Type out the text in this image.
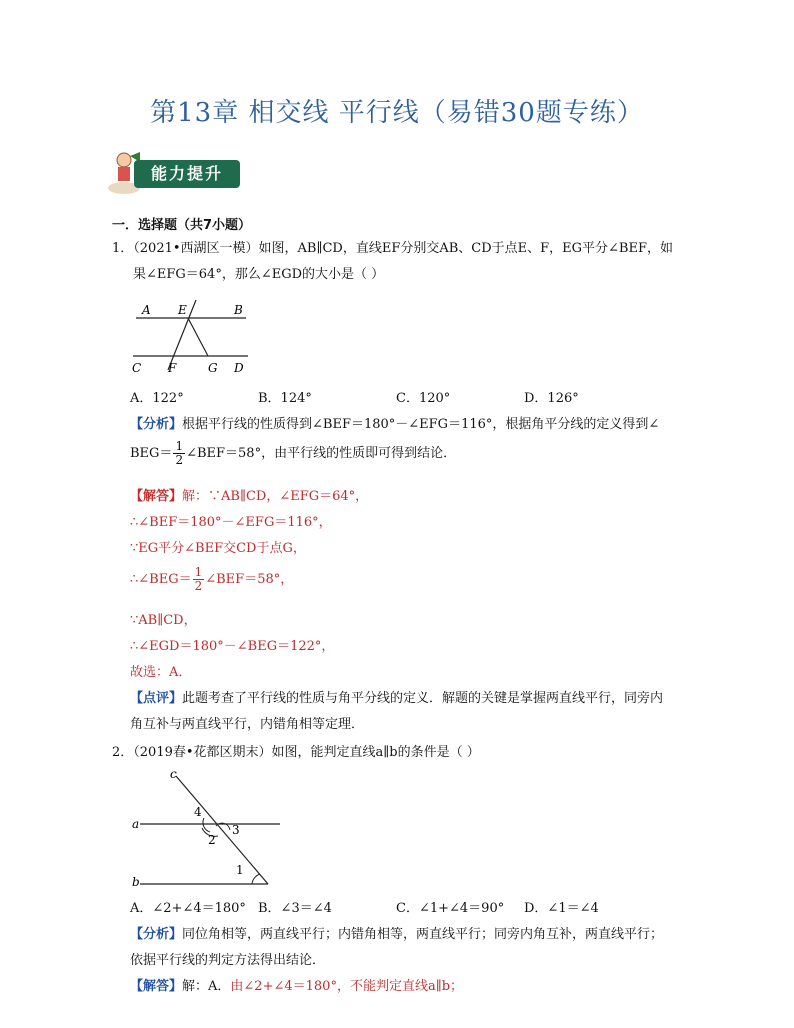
第13章 相交线 平行线（易错30题专练）
能力提升
一．选择题（共7小题）
1．（2021•西湖区一模）如图，AB∥CD，直线EF分别交AB、CD于点E、F，EG平分∠BEF，如
果∠EFG＝64°，那么∠EGD的大小是（ ）
A E	B
C F	G D
A．122°	B．124°	C．120°	D．126°
【分析】根据平行线的性质得到∠BEF＝180°－∠EFG＝116°，根据角平分线的定义得到∠
$BEG= \frac{1}{2}$ ∠BEF＝58°，由平行线的性质即可得到结论．
【解答】解：∵AB∥CD，∠EFG＝64°，
∴∠BEF＝180°－∠EFG＝116°，
∵EG平分∠BEF交CD于点G，
∴∠BEG＝ $\frac{1}{2}$ ∠BEF＝58°，
∵AB∥CD，
∴∠EGD＝180°－∠BEG＝122°，
故选：A．
【点评】此题考查了平行线的性质与角平分线的定义．解题的关键是掌握两直线平行，同旁内
角互补与两直线平行，内错角相等定理．
2．（2019春•花都区期末）如图，能判定直线a∥b的条件是（ ）
c
a
b
4
3
2
1
A．∠2+∠4＝180° B．∠3＝∠4	C．∠1+∠4＝90° D．∠1＝∠4
【分析】同位角相等，两直线平行；内错角相等，两直线平行；同旁内角互补，两直线平行；
依据平行线的判定方法得出结论．
【解答】解：A．由∠2+∠4＝180°，不能判定直线a∥b；
